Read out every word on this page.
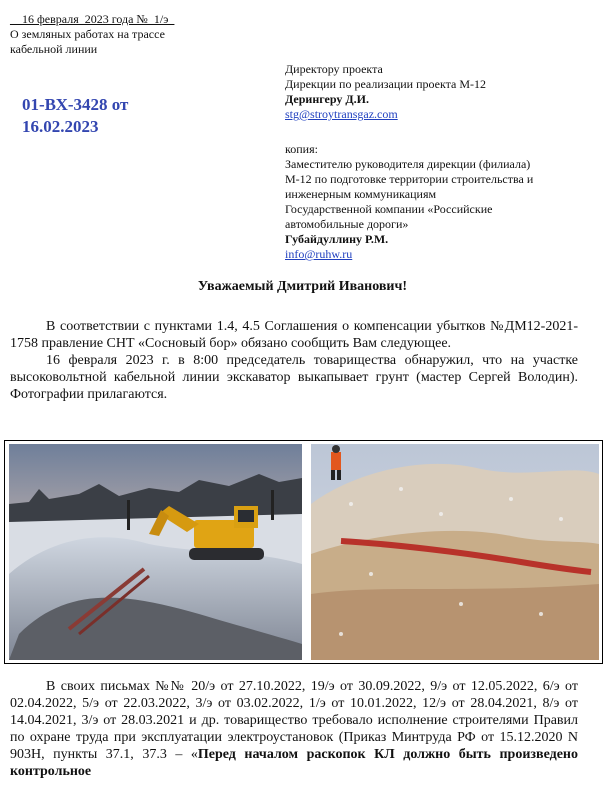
__16 февраля_2023 года №_1/э_
О земляных работах на трассе
кабельной линии
01-ВХ-3428 от
16.02.2023
Директору проекта
Дирекции по реализации проекта М-12
Дерингеру Д.И.
stg@stroytransgaz.com
копия:
Заместителю руководителя дирекции (филиала)
М-12 по подготовке территории строительства и
инженерным коммуникациям
Государственной компании «Российские
автомобильные дороги»
Губайдуллину Р.М.
info@ruhw.ru
Уважаемый Дмитрий Иванович!

В соответствии с пунктами 1.4, 4.5 Соглашения о компенсации убытков №ДМ12-2021-1758 правление СНТ «Сосновый бор» обязано сообщить Вам следующее.

16 февраля 2023 г. в 8:00 председатель товарищества обнаружил, что на участке высоковольтной кабельной линии экскаватор выкапывает грунт (мастер Сергей Володин). Фотографии прилагаются.

В своих письмах №№ 20/э от 27.10.2022, 19/э от 30.09.2022, 9/э от 12.05.2022, 6/э от 02.04.2022, 5/э от 22.03.2022, 3/э от 03.02.2022, 1/э от 10.01.2022, 12/э от 28.04.2021, 8/э от 14.04.2021, 3/э от 28.03.2021 и др. товарищество требовало исполнение строителями Правил по охране труда при эксплуатации электроустановок (Приказ Минтруда РФ от 15.12.2020 N 903Н, пункты 37.1, 37.3 – «Перед началом раскопок КЛ должно быть произведено контрольное
